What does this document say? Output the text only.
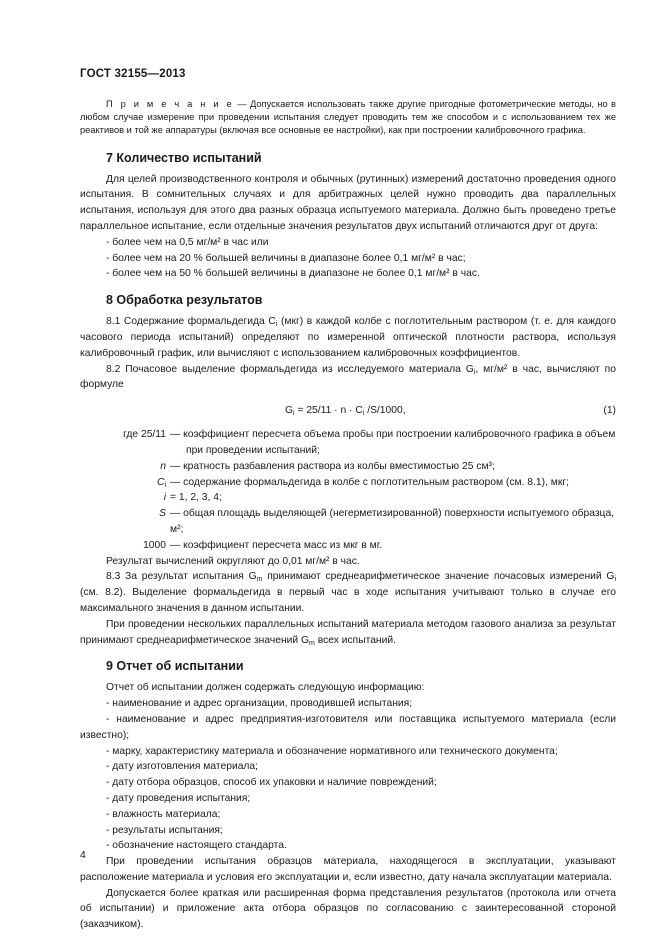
ГОСТ 32155—2013

П р и м е ч а н и е — Допускается использовать также другие пригодные фотометрические методы, но в любом случае измерение при проведении испытания следует проводить тем же способом и с использованием тех же реактивов и той же аппаратуры (включая все основные ее настройки), как при построении калибровочного графика.

7 Количество испытаний

Для целей производственного контроля и обычных (рутинных) измерений достаточно проведения одного испытания. В сомнительных случаях и для арбитражных целей нужно проводить два параллельных испытания, используя для этого два разных образца испытуемого материала. Должно быть проведено третье параллельное испытание, если отдельные значения результатов двух испытаний отличаются друг от друга:

- более чем на 0,5 мг/м² в час или

- более чем на 20 % большей величины в диапазоне более 0,1 мг/м² в час;

- более чем на 50 % большей величины в диапазоне не более 0,1 мг/м² в час.

8 Обработка результатов

8.1 Содержание формальдегида $C_i$ (мкг) в каждой колбе с поглотительным раствором (т. е. для каждого часового периода испытаний) определяют по измеренной оптической плотности раствора, используя калибровочный график, или вычисляют с использованием калибровочных коэффициентов.

8.2 Почасовое выделение формальдегида из исследуемого материала $G_i$, мг/м² в час, вычисляют по формуле

$G_i = 25/11 \cdot n \cdot C_i$ /S/1000,	(1)
где 25/11 — коэффициент пересчета объема пробы при построении калибровочного графика в объем

при проведении испытаний;

n — кратность разбавления раствора из колбы вместимостью 25 см³;
$C_i$ — содержание формальдегида в колбе с поглотительным раствором (см. 8.1), мкг;
i = 1, 2, 3, 4;
S — общая площадь выделяющей (негерметизированной) поверхности испытуемого образца, м²;
1000 — коэффициент пересчета масс из мкг в мг.

Результат вычислений округляют до 0,01 мг/м² в час.

8.3 За результат испытания $G_m$ принимают среднеарифметическое значение почасовых измерений $G_i$ (см. 8.2). Выделение формальдегида в первый час в ходе испытания учитывают только в случае его максимального значения в данном испытании.

При проведении нескольких параллельных испытаний материала методом газового анализа за результат принимают среднеарифметическое значений $G_m$ всех испытаний.

9 Отчет об испытании

Отчет об испытании должен содержать следующую информацию:

- наименование и адрес организации, проводившей испытания;

- наименование и адрес предприятия-изготовителя или поставщика испытуемого материала (если известно);

- марку, характеристику материала и обозначение нормативного или технического документа;

- дату изготовления материала;

- дату отбора образцов, способ их упаковки и наличие повреждений;

- дату проведения испытания;

- влажность материала;

- результаты испытания;

- обозначение настоящего стандарта.

При проведении испытания образцов материала, находящегося в эксплуатации, указывают расположение материала и условия его эксплуатации и, если известно, дату начала эксплуатации материала.

Допускается более краткая или расширенная форма представления результатов (протокола или отчета об испытании) и приложение акта отбора образцов по согласованию с заинтересованной стороной (заказчиком).

4
